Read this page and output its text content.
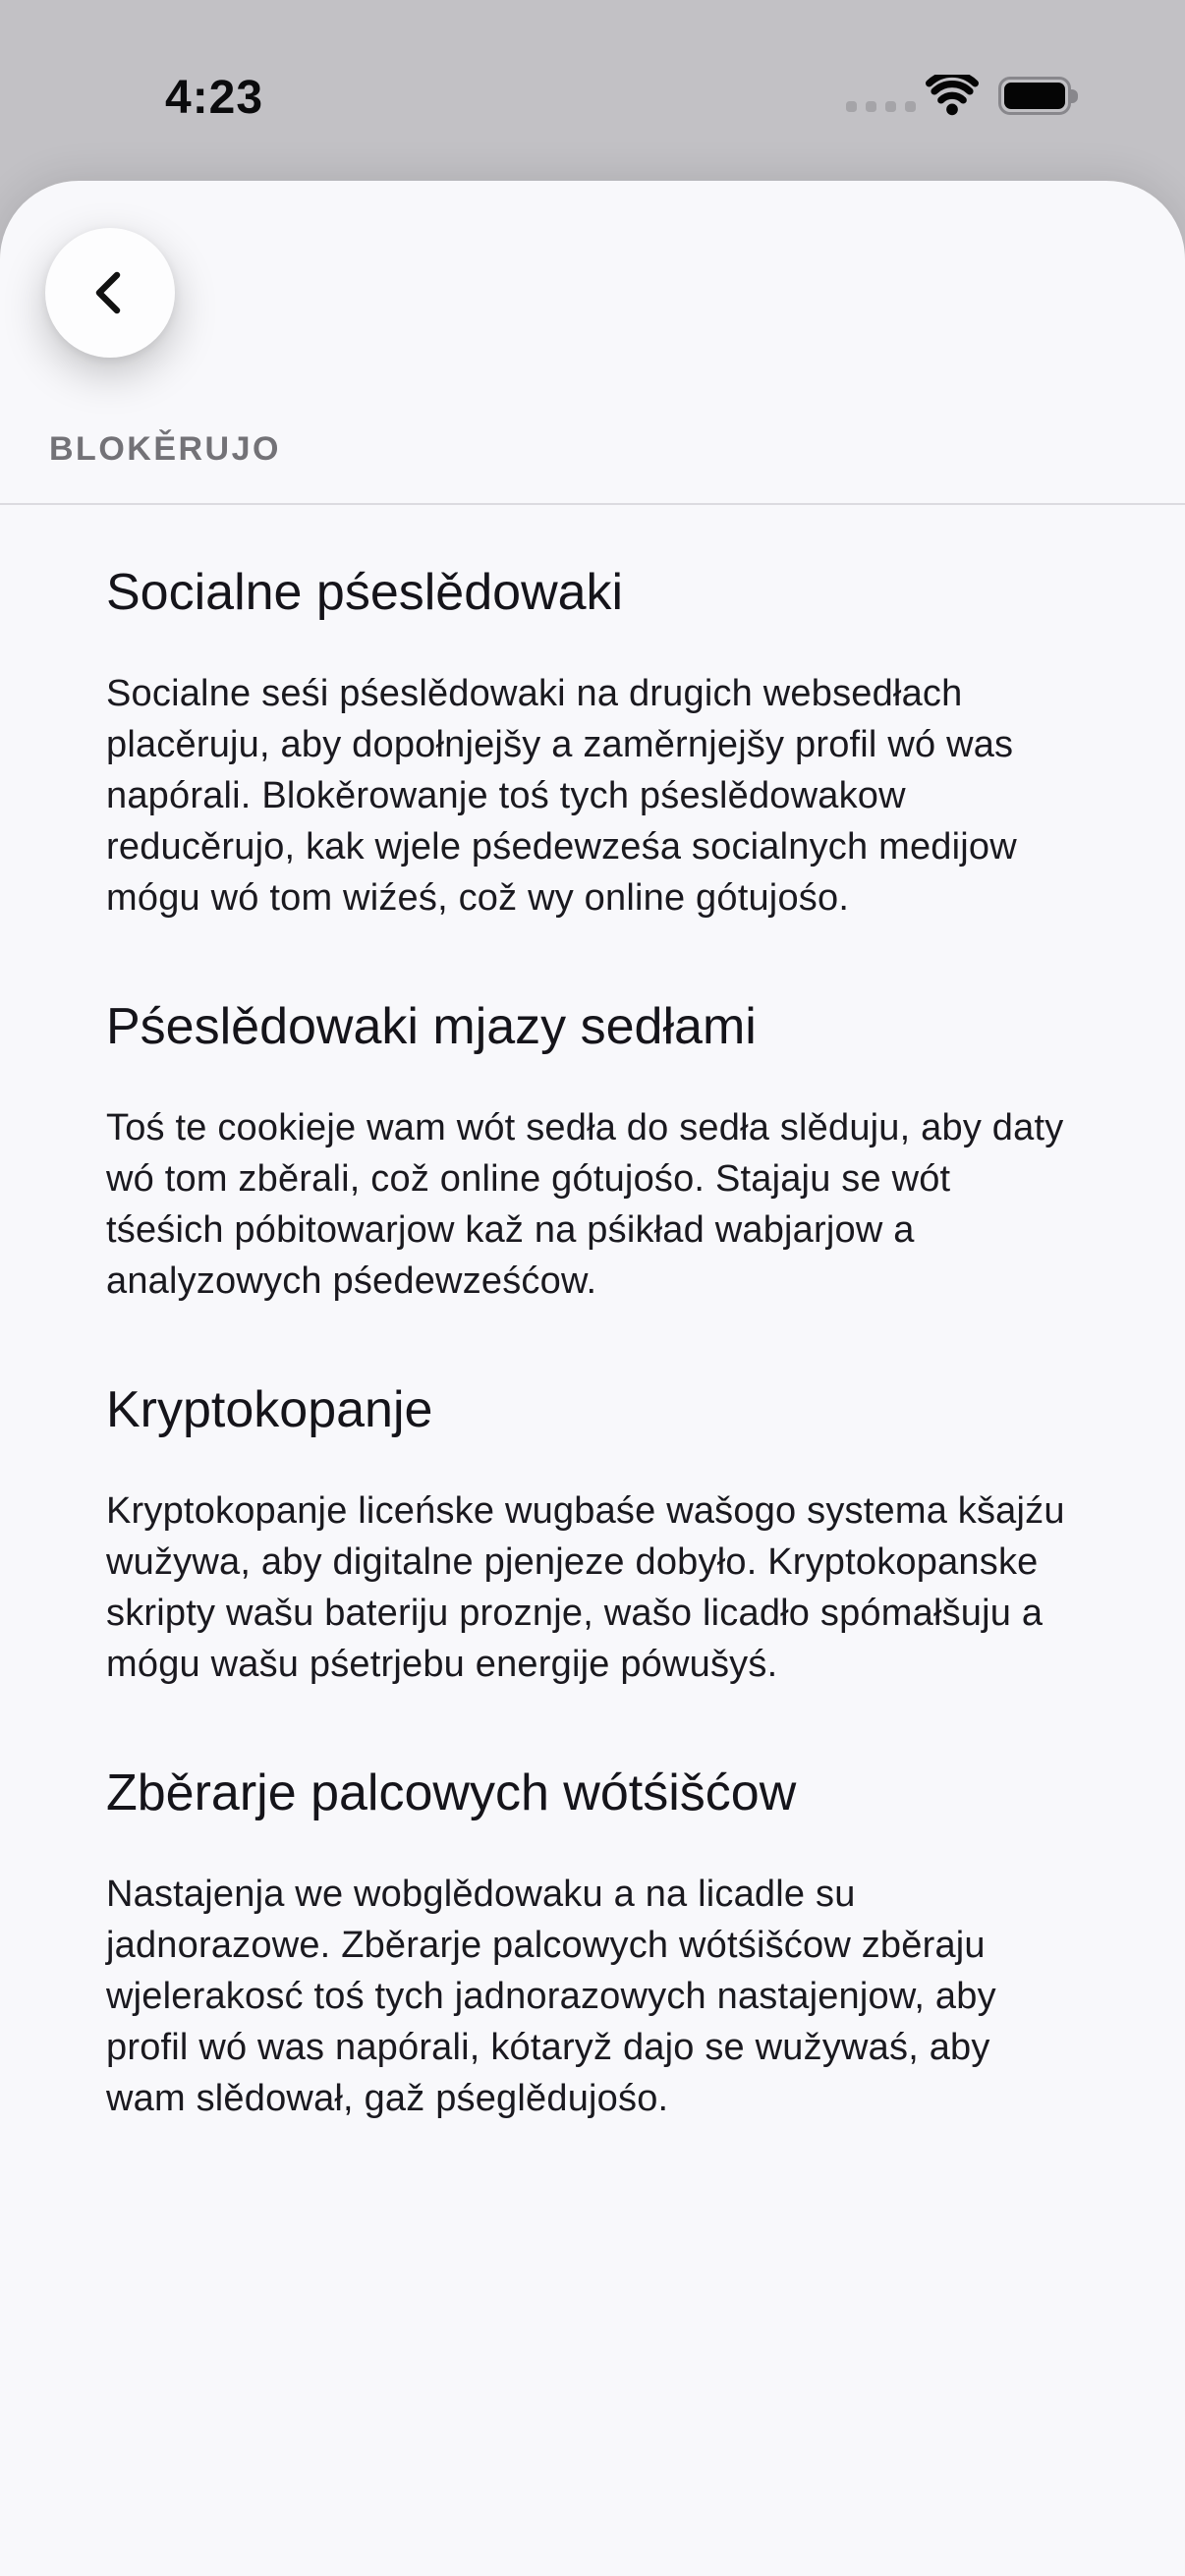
4:23
BLOKĚRUJO
Socialne pśeslědowaki

Socialne seśi pśeslědowaki na drugich websedłach placěruju, aby dopołnjejšy a zaměrnjejšy profil wó was napórali. Blokěrowanje toś tych pśeslědowakow reducěrujo, kak wjele pśedewześa socialnych medijow mógu wó tom wiźeś, což wy online gótujośo.

Pśeslědowaki mjazy sedłami

Toś te cookieje wam wót sedła do sedła slěduju, aby daty wó tom zběrali, což online gótujośo. Stajaju se wót tśeśich póbitowarjow kaž na pśikład wabjarjow a analyzowych pśedewześćow.

Kryptokopanje

Kryptokopanje liceńske wugbaśe wašogo systema kšajźu wužywa, aby digitalne pjenjeze dobyło. Kryptokopanske skripty wašu bateriju proznje, wašo licadło spómałšuju a mógu wašu pśetrjebu energije pówušyś.

Zběrarje palcowych wótśišćow

Nastajenja we wobglědowaku a na licadle su jadnorazowe. Zběrarje palcowych wótśišćow zběraju wjelerakosć toś tych jadnorazowych nastajenjow, aby profil wó was napórali, kótaryž dajo se wužywaś, aby wam slědował, gaž pśeglědujośo.
